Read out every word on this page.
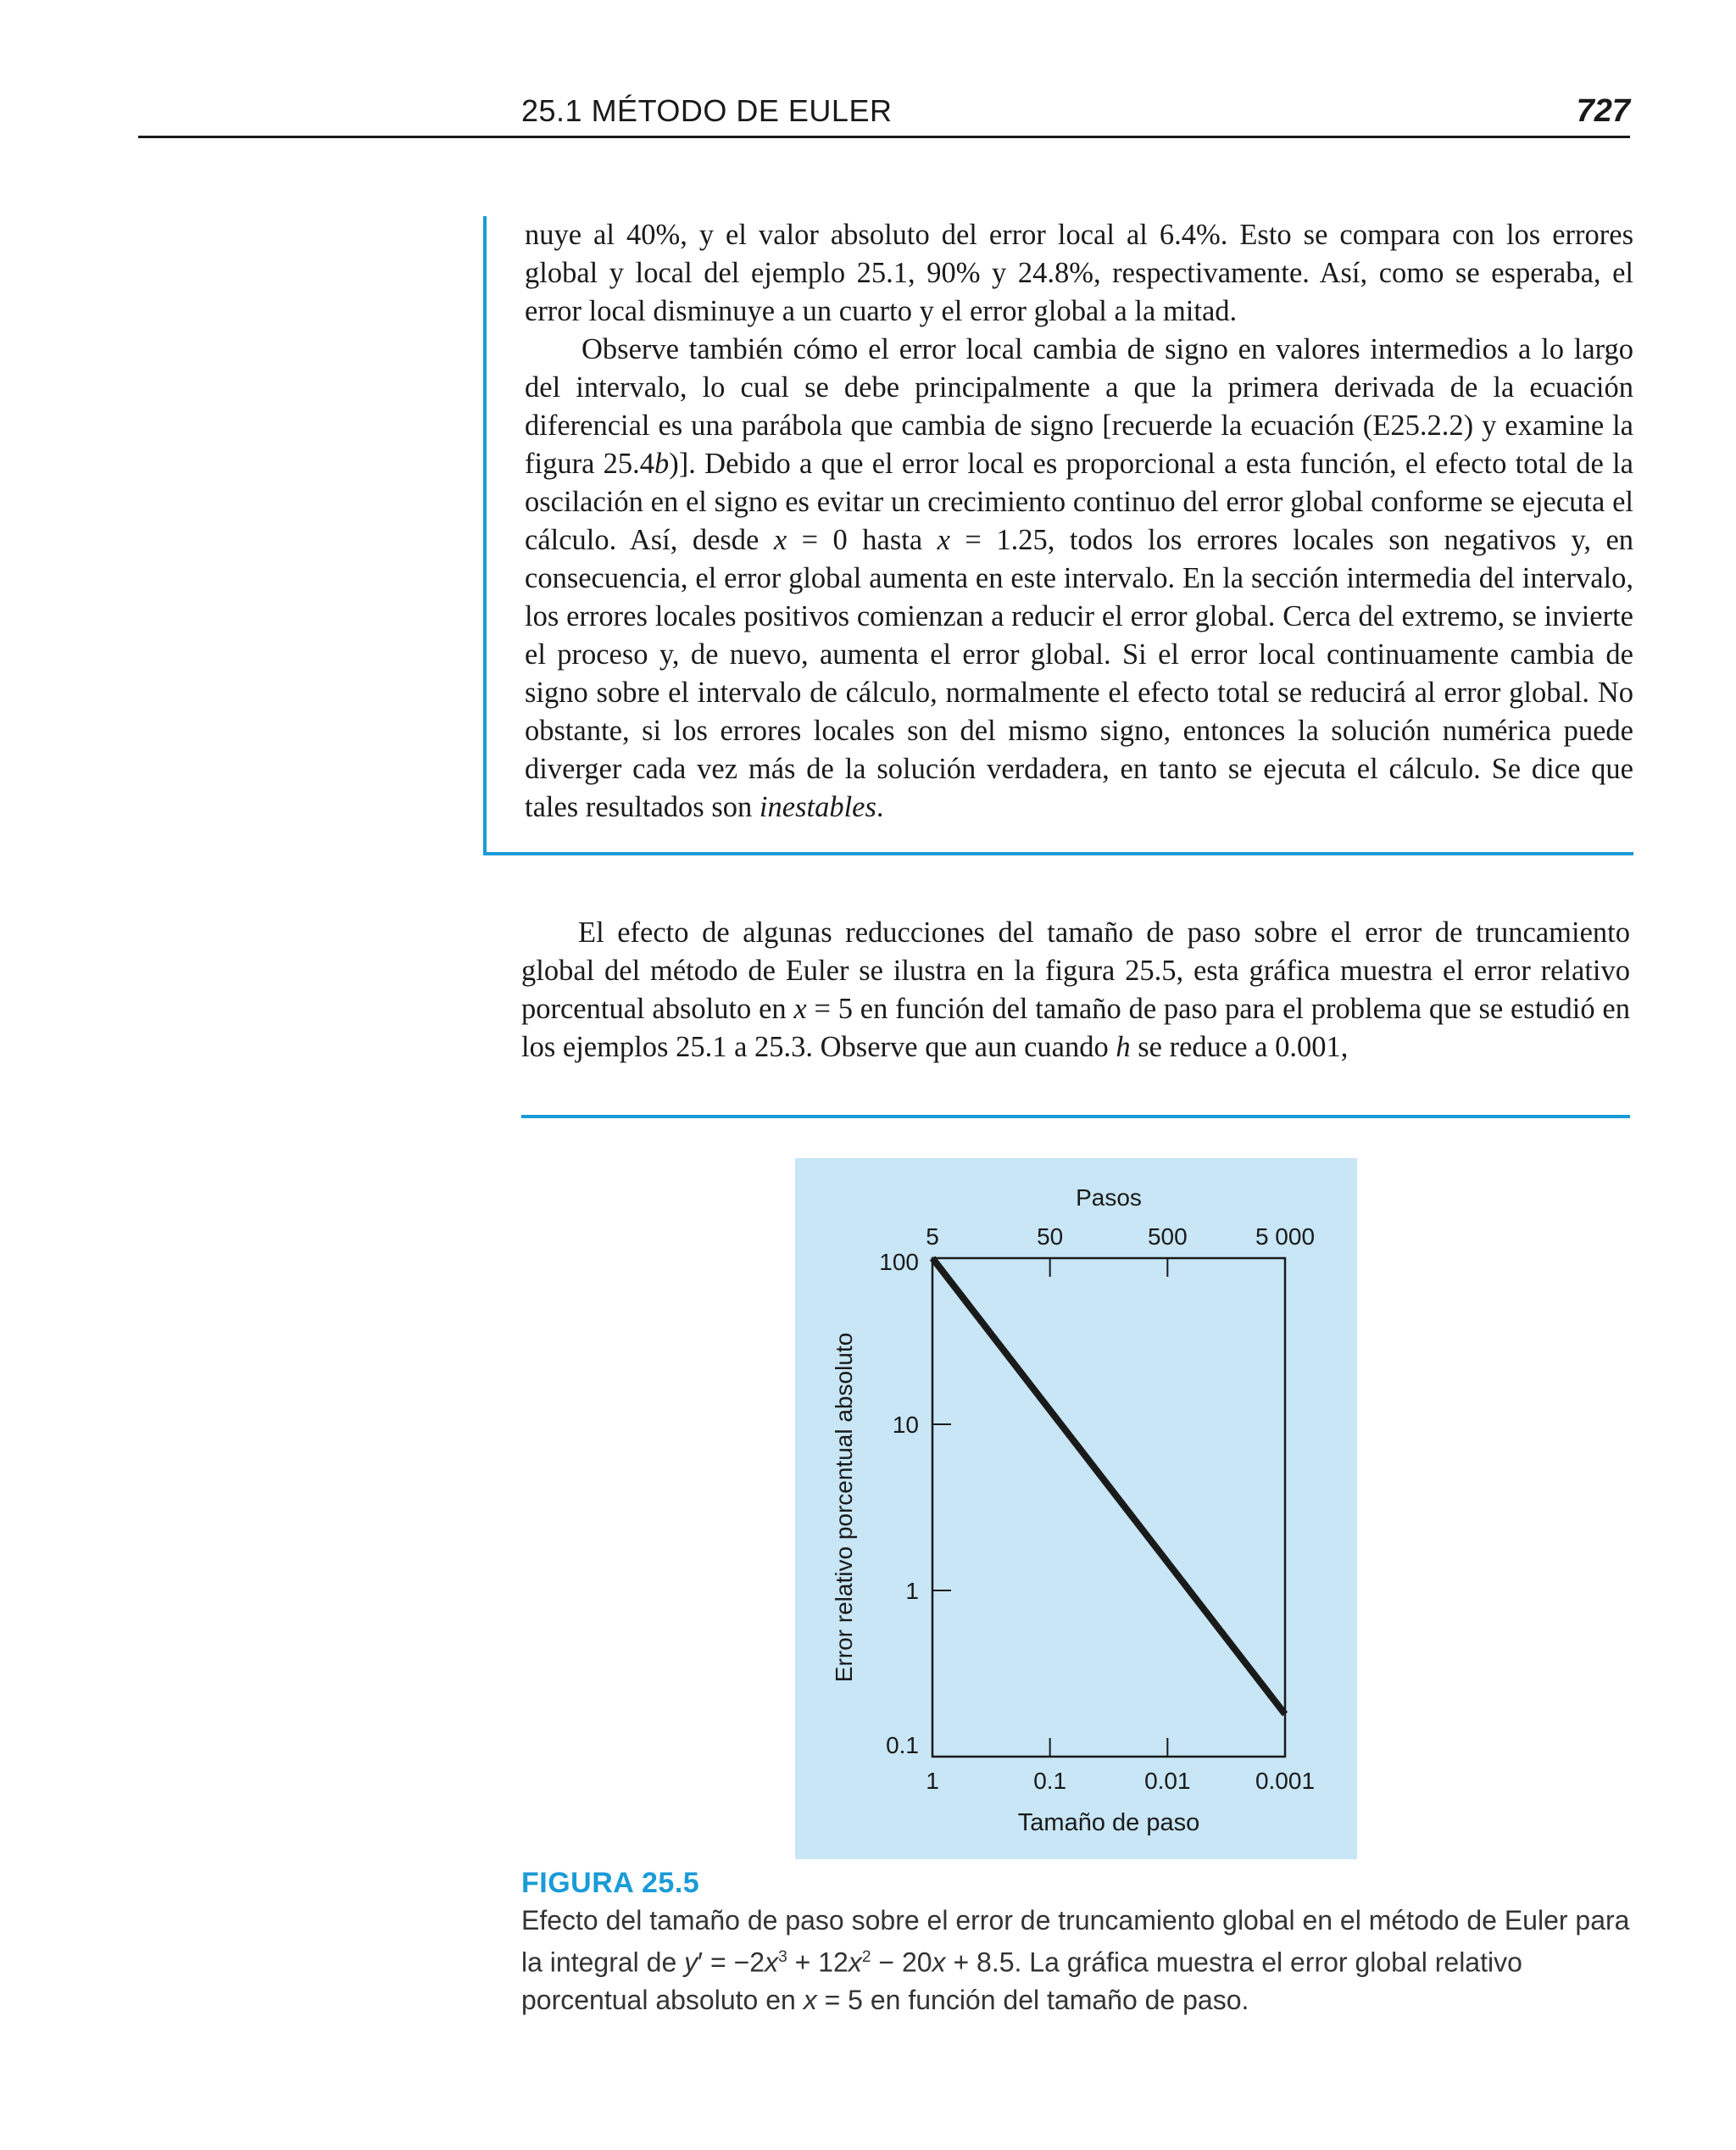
25.1 MÉTODO DE EULER	727

nuye al 40%, y el valor absoluto del error local al 6.4%. Esto se compara con los errores global y local del ejemplo 25.1, 90% y 24.8%, respectivamente. Así, como se esperaba, el error local disminuye a un cuarto y el error global a la mitad.

Observe también cómo el error local cambia de signo en valores intermedios a lo largo del intervalo, lo cual se debe principalmente a que la primera derivada de la ecuación diferencial es una parábola que cambia de signo [recuerde la ecuación (E25.2.2) y examine la figura 25.4b)]. Debido a que el error local es proporcional a esta función, el efecto total de la oscilación en el signo es evitar un crecimiento continuo del error global conforme se ejecuta el cálculo. Así, desde x = 0 hasta x = 1.25, todos los errores locales son negativos y, en consecuencia, el error global aumenta en este intervalo. En la sección intermedia del intervalo, los errores locales positivos comienzan a reducir el error global. Cerca del extremo, se invierte el proceso y, de nuevo, aumenta el error global. Si el error local continuamente cambia de signo sobre el intervalo de cálculo, normalmente el efecto total se reducirá al error global. No obstante, si los errores locales son del mismo signo, entonces la solución numérica puede diverger cada vez más de la solución verdadera, en tanto se ejecuta el cálculo. Se dice que tales resultados son inestables.

El efecto de algunas reducciones del tamaño de paso sobre el error de truncamiento global del método de Euler se ilustra en la figura 25.5, esta gráfica muestra el error relativo porcentual absoluto en x = 5 en función del tamaño de paso para el problema que se estudió en los ejemplos 25.1 a 25.3. Observe que aun cuando h se reduce a 0.001,

Pasos
Tamaño de paso
Error relativo porcentual absoluto
1
5
0.1
50
0.01
500
0.001
5 000
100
10
1
0.1
FIGURA 25.5
Efecto del tamaño de paso sobre el error de truncamiento global en el método de Euler para la integral de $y' = -2x^3 + 12x^2 - 20x + 8.5$. La gráfica muestra el error global relativo porcentual absoluto en x = 5 en función del tamaño de paso.
